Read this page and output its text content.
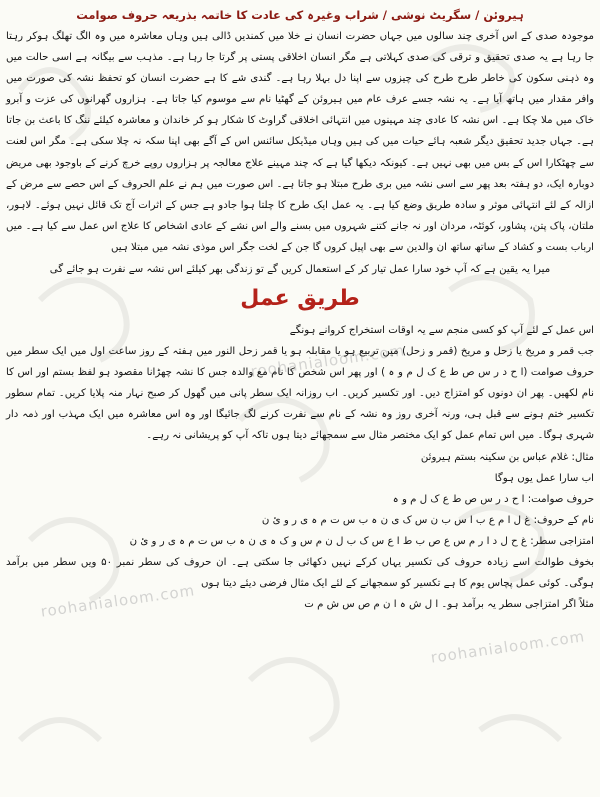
roohanialoom.com
roohanialoom.com
roohanialoom.com
ہیروئن / سگریٹ نوشی / شراب وغیرہ کی عادت کا خاتمہ بذریعہ حروف صوامت

موجودہ صدی کے اس آخری چند سالوں میں جہاں حضرت انسان نے خلا میں کمندیں ڈالی ہیں وہاں معاشرہ میں وہ الگ تھلگ ہوکر رہتا جا رہا ہے یہ صدی تحقیق و ترقی کی صدی کہلاتی ہے مگر انسان اخلاقی پستی پر گرتا جا رہا ہے۔ مذہب سے بیگانہ ہے اسی حالت میں وہ ذہنی سکون کی خاطر طرح طرح کی چیزوں سے اپنا دل بہلا رہا ہے۔ گندی شے کا ہے حضرت انسان کو تحفظ نشہ کی صورت میں وافر مقدار میں ہاتھ آیا ہے۔ یہ نشہ جسے عرف عام میں ہیروئن کے گھٹیا نام سے موسوم کیا جاتا ہے۔ ہزاروں گھرانوں کی عزت و آبرو خاک میں ملا چکا ہے۔ اس نشہ کا عادی چند مہینوں میں انتہائی اخلاقی گراوٹ کا شکار ہو کر خاندان و معاشرہ کیلئے ننگ کا باعث بن جاتا ہے۔ جہاں جدید تحقیق دیگر شعبہ ہائے حیات میں کی ہیں وہاں میڈیکل سائنس اس کے آگے بھی اپنا سکہ نہ چلا سکی ہے۔ مگر اس لعنت سے چھٹکارا اس کے بس میں بھی نہیں ہے۔ کیونکہ دیکھا گیا ہے کہ چند مہینے علاج معالجہ پر ہزاروں روپے خرچ کرنے کے باوجود بھی مریض دوبارہ ایک، دو ہفتہ بعد پھر سے اسی نشہ میں بری طرح مبتلا ہو جاتا ہے۔ اس صورت میں ہم نے علم الحروف کے اس حصے سے مرض کے ازالہ کے لئے انتہائی موثر و سادہ طریق وضع کیا ہے۔ یہ عمل ایک طرح کا چلتا ہوا جادو ہے جس کے اثرات آج تک قائل نہیں ہوئے۔ لاہور، ملتان، پاک پتن، پشاور، کوئٹہ، مردان اور نہ جانے کتنے شہروں میں بسنے والے اس نشے کے عادی اشخاص کا علاج اس عمل سے کیا ہے۔ میں ارباب بست و کشاد کے ساتھ ساتھ ان والدین سے بھی اپیل کروں گا جن کے لخت جگر اس موذی نشہ میں مبتلا ہیں

میرا یہ یقین ہے کہ آپ خود سارا عمل تیار کر کے استعمال کریں گے تو زندگی بھر کیلئے اس نشہ سے نفرت ہو جائے گی

طریق عمل

اس عمل کے لئے آپ کو کسی منجم سے یہ اوقات استخراج کروانے ہونگے

جب قمر و مریخ یا زحل و مریخ (قمر و زحل) میں تربیع ہو یا مقابلہ ہو یا قمر زحل النور میں ہفتہ کے روز ساعت اول میں ایک سطر میں حروف صوامت (ا ح د ر س ص ط ع ک ل م و ہ ) اور پھر اس شخص کا نام مع والدہ جس کا نشہ چھڑانا مقصود ہو لفظ بستم اور اس کا نام لکھیں۔ پھر ان دونوں کو امتزاج دیں۔ اور تکسیر کریں۔ اب روزانہ ایک سطر پانی میں گھول کر صبح نہار منہ پلایا کریں۔ تمام سطور تکسیر ختم ہونے سے قبل ہی، ورنہ آخری روز وہ نشہ کے نام سے نفرت کرنے لگ جائیگا اور وہ اس معاشرہ میں ایک مہذب اور ذمہ دار شہری ہوگا۔ میں اس تمام عمل کو ایک مختصر مثال سے سمجھائے دیتا ہوں تاکہ آپ کو پریشانی نہ رہے۔

مثال: غلام عباس بن سکینہ بستم ہیروئن

اب سارا عمل یوں ہوگا

حروف صوامت: ا ح د ر س ص ط ع ک ل م و ہ

نام کے حروف: غ ل ا م ع ب ا س ب ن س ک ی ن ہ ب س ت م ہ ی ر و ئ ن

امتزاجی سطر: غ ح ل د ا ر م س ع ص ب ط ا ع س ک ب ل ن م س و ک ہ ی ن ہ ب س ت م ہ ی ر و ئ ن

بخوف طوالت اسے زیادہ حروف کی تکسیر یہاں کرکے نہیں دکھائی جا سکتی ہے۔ ان حروف کی سطر نمبر ۵۰ ویں سطر میں برآمد ہوگی۔ کوئی عمل پچاس یوم کا ہے تکسیر کو سمجھانے کے لئے ایک مثال فرضی دیئے دیتا ہوں

مثلاً اگر امتزاجی سطر یہ برآمد ہو۔ ا ل ش ہ ا ن م ص س ش م ت
